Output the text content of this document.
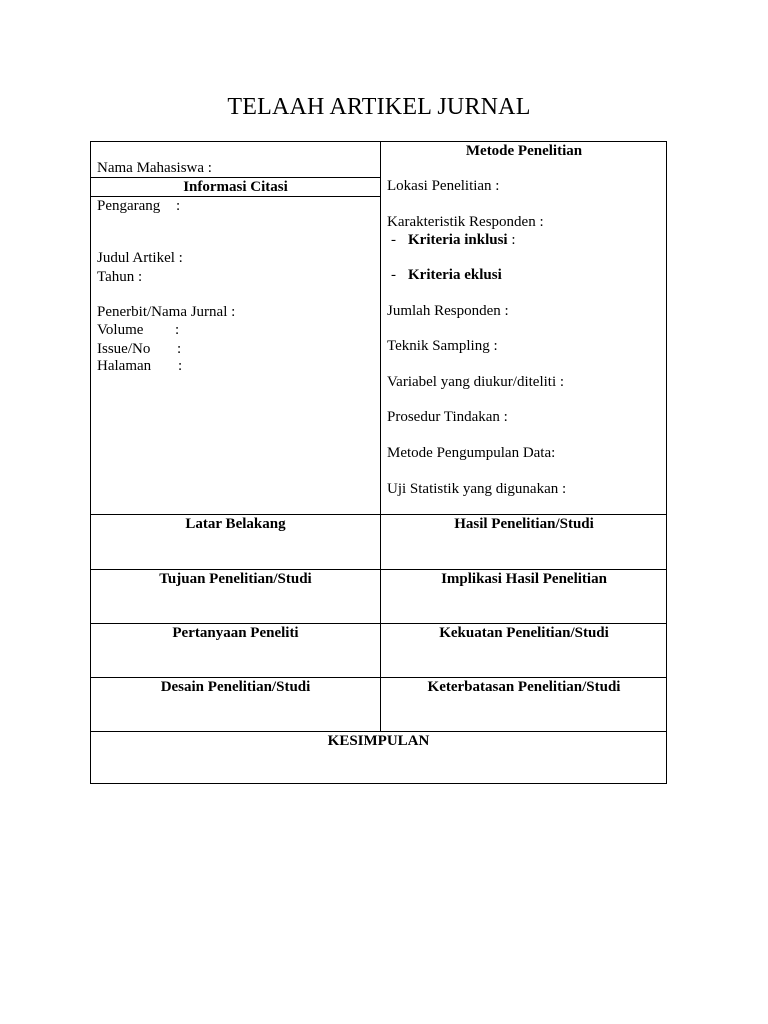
TELAAH ARTIKEL JURNAL
Nama Mahasiswa :
Informasi Citasi
Pengarang :
Judul Artikel :
Tahun :
Penerbit/Nama Jurnal :
Volume :
Issue/No :
Halaman :
Metode Penelitian
Lokasi Penelitian :
Karakteristik Responden :
- Kriteria inklusi :
- Kriteria eklusi
Jumlah Responden :
Teknik Sampling :
Variabel yang diukur/diteliti :
Prosedur Tindakan :
Metode Pengumpulan Data:
Uji Statistik yang digunakan :
Latar Belakang	Hasil Penelitian/Studi
Tujuan Penelitian/Studi	Implikasi Hasil Penelitian
Pertanyaan Peneliti	Kekuatan Penelitian/Studi
Desain Penelitian/Studi	Keterbatasan Penelitian/Studi
KESIMPULAN
